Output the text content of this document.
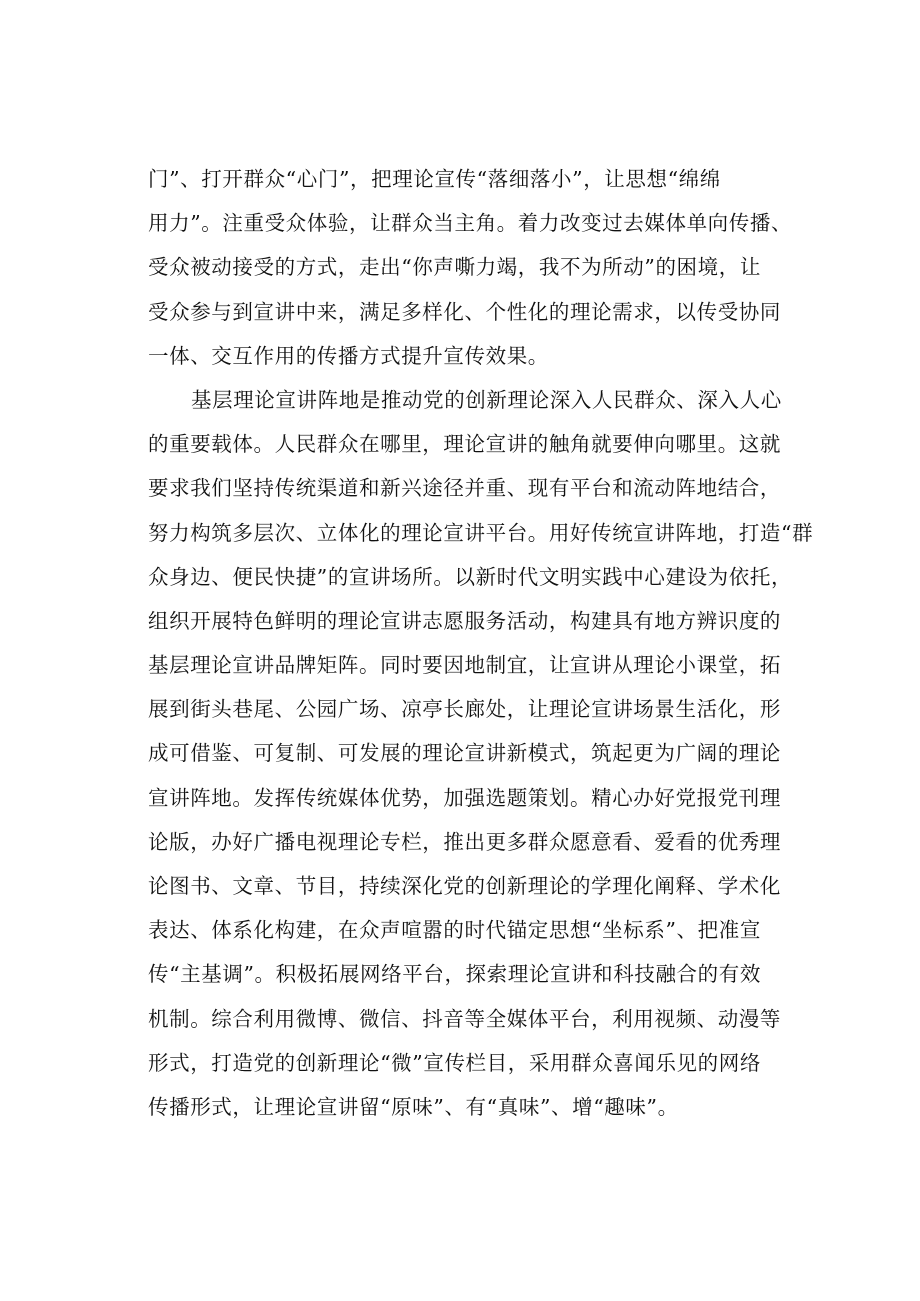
门”、打开群众“心门”，把理论宣传“落细落小”，让思想“绵绵
用力”。注重受众体验，让群众当主角。着力改变过去媒体单向传播、
受众被动接受的方式，走出“你声嘶力竭，我不为所动”的困境，让
受众参与到宣讲中来，满足多样化、个性化的理论需求，以传受协同
一体、交互作用的传播方式提升宣传效果。
基层理论宣讲阵地是推动党的创新理论深入人民群众、深入人心
的重要载体。人民群众在哪里，理论宣讲的触角就要伸向哪里。这就
要求我们坚持传统渠道和新兴途径并重、现有平台和流动阵地结合，
努力构筑多层次、立体化的理论宣讲平台。用好传统宣讲阵地，打造“群
众身边、便民快捷”的宣讲场所。以新时代文明实践中心建设为依托，
组织开展特色鲜明的理论宣讲志愿服务活动，构建具有地方辨识度的
基层理论宣讲品牌矩阵。同时要因地制宜，让宣讲从理论小课堂，拓
展到街头巷尾、公园广场、凉亭长廊处，让理论宣讲场景生活化，形
成可借鉴、可复制、可发展的理论宣讲新模式，筑起更为广阔的理论
宣讲阵地。发挥传统媒体优势，加强选题策划。精心办好党报党刊理
论版，办好广播电视理论专栏，推出更多群众愿意看、爱看的优秀理
论图书、文章、节目，持续深化党的创新理论的学理化阐释、学术化
表达、体系化构建，在众声喧嚣的时代锚定思想“坐标系”、把准宣
传“主基调”。积极拓展网络平台，探索理论宣讲和科技融合的有效
机制。综合利用微博、微信、抖音等全媒体平台，利用视频、动漫等
形式，打造党的创新理论“微”宣传栏目，采用群众喜闻乐见的网络
传播形式，让理论宣讲留“原味”、有“真味”、增“趣味”。
